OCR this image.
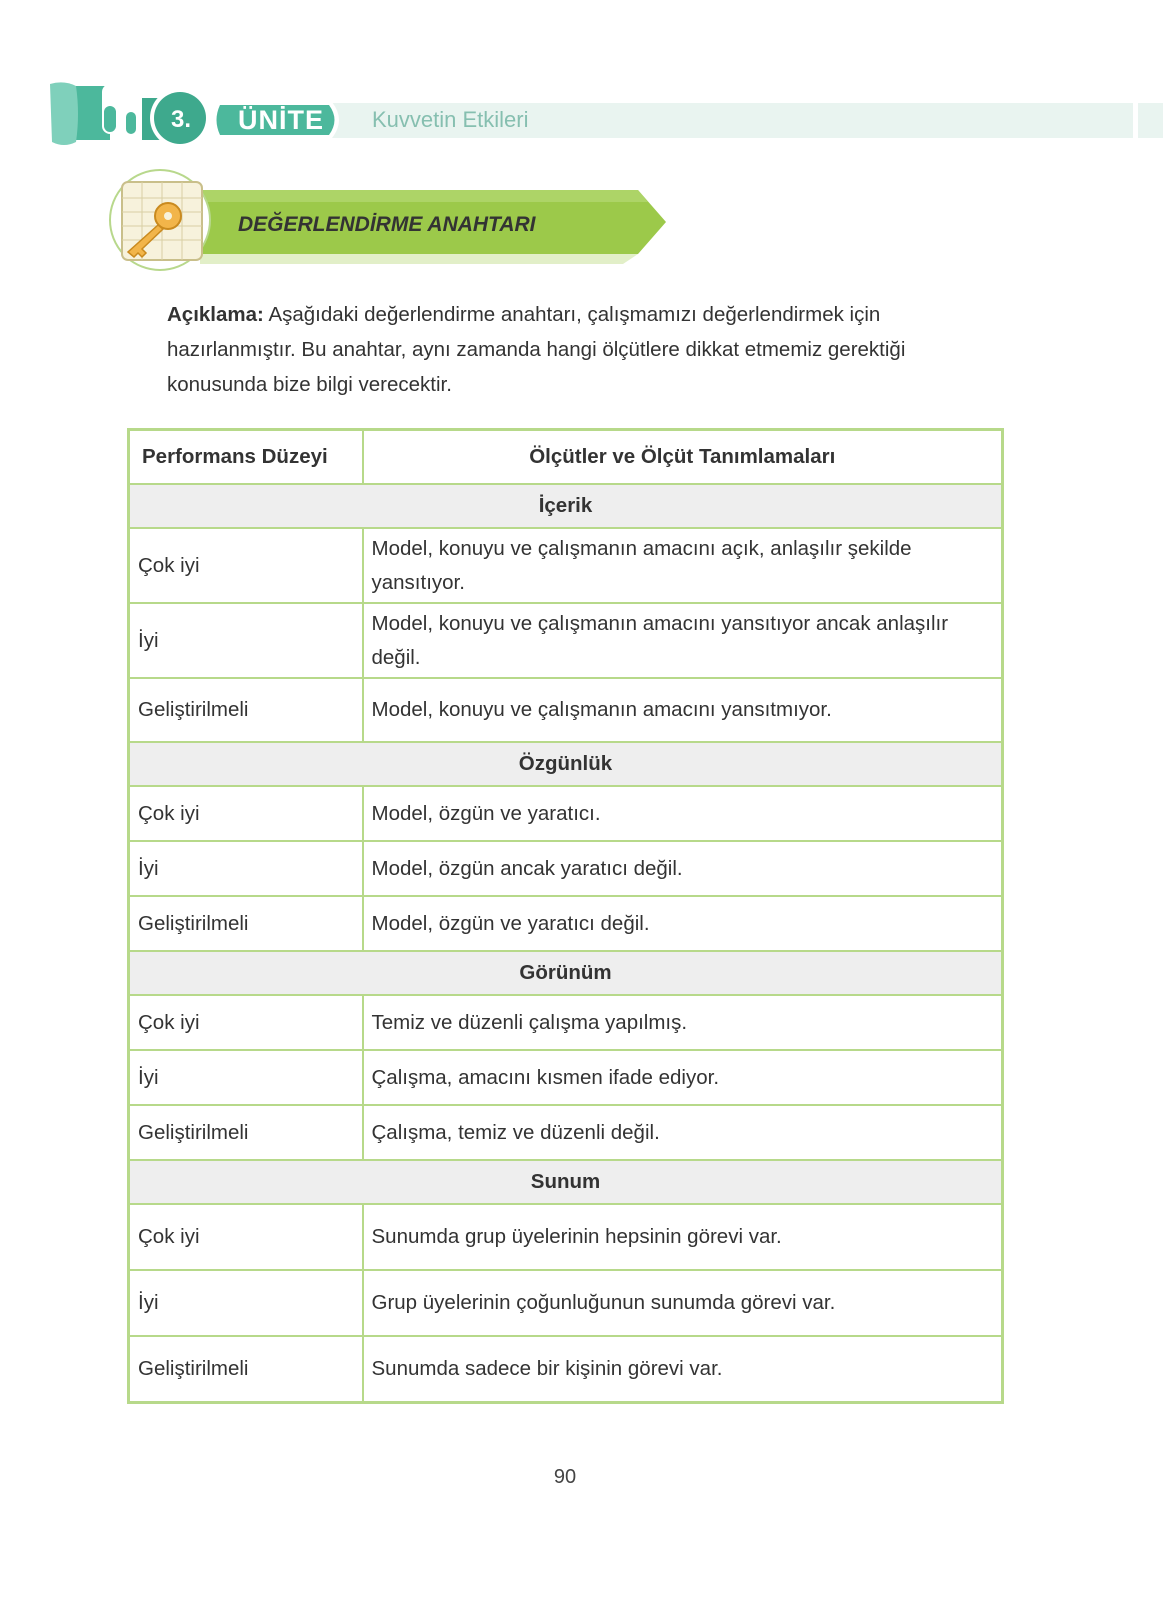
3. ÜNİTE Kuvvetin Etkileri
DEĞERLENDİRME ANAHTARI

Açıklama: Aşağıdaki değerlendirme anahtarı, çalışmamızı değerlendirmek için hazırlanmıştır. Bu anahtar, aynı zamanda hangi ölçütlere dikkat etmemiz gerektiği konusunda bize bilgi verecektir.

Performans Düzeyi	Ölçütler ve Ölçüt Tanımlamaları
İçerik	
Çok iyi	Model, konuyu ve çalışmanın amacını açık, anlaşılır şekilde yansıtıyor.
İyi	Model, konuyu ve çalışmanın amacını yansıtıyor ancak anlaşılır değil.
Geliştirilmeli	Model, konuyu ve çalışmanın amacını yansıtmıyor.
Özgünlük	
Çok iyi	Model, özgün ve yaratıcı.
İyi	Model, özgün ancak yaratıcı değil.
Geliştirilmeli	Model, özgün ve yaratıcı değil.
Görünüm	
Çok iyi	Temiz ve düzenli çalışma yapılmış.
İyi	Çalışma, amacını kısmen ifade ediyor.
Geliştirilmeli	Çalışma, temiz ve düzenli değil.
Sunum	
Çok iyi	Sunumda grup üyelerinin hepsinin görevi var.
İyi	Grup üyelerinin çoğunluğunun sunumda görevi var.
Geliştirilmeli	Sunumda sadece bir kişinin görevi var.
90
